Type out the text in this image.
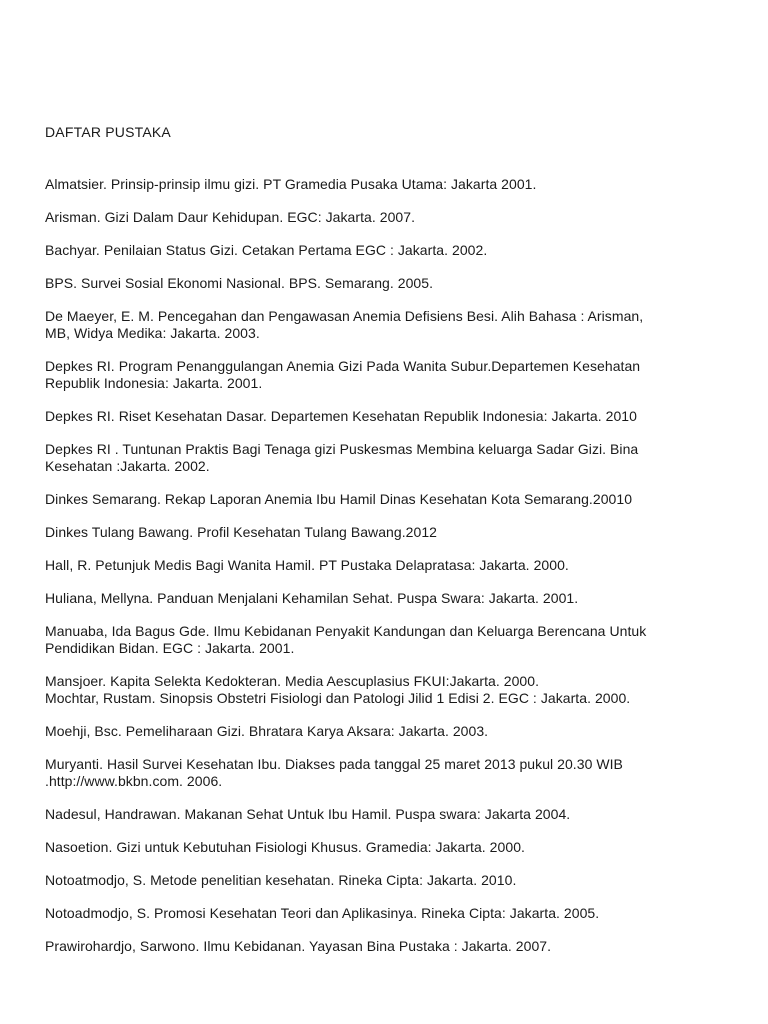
DAFTAR PUSTAKA
Almatsier. Prinsip-prinsip ilmu gizi. PT Gramedia Pusaka Utama: Jakarta 2001.
Arisman. Gizi Dalam Daur Kehidupan. EGC: Jakarta. 2007.
Bachyar. Penilaian Status Gizi. Cetakan Pertama EGC : Jakarta. 2002.
BPS. Survei Sosial Ekonomi Nasional. BPS. Semarang. 2005.
De Maeyer, E. M. Pencegahan dan Pengawasan Anemia Defisiens Besi. Alih Bahasa : Arisman,
MB, Widya Medika: Jakarta. 2003.
Depkes RI. Program Penanggulangan Anemia Gizi Pada Wanita Subur.Departemen Kesehatan
Republik Indonesia: Jakarta. 2001.
Depkes RI. Riset Kesehatan Dasar. Departemen Kesehatan Republik Indonesia: Jakarta. 2010
Depkes RI . Tuntunan Praktis Bagi Tenaga gizi Puskesmas Membina keluarga Sadar Gizi. Bina
Kesehatan :Jakarta. 2002.
Dinkes Semarang. Rekap Laporan Anemia Ibu Hamil Dinas Kesehatan Kota Semarang.20010
Dinkes Tulang Bawang. Profil Kesehatan Tulang Bawang.2012
Hall, R. Petunjuk Medis Bagi Wanita Hamil. PT Pustaka Delapratasa: Jakarta. 2000.
Huliana, Mellyna. Panduan Menjalani Kehamilan Sehat. Puspa Swara: Jakarta. 2001.
Manuaba, Ida Bagus Gde. Ilmu Kebidanan Penyakit Kandungan dan Keluarga Berencana Untuk
Pendidikan Bidan. EGC : Jakarta. 2001.
Mansjoer. Kapita Selekta Kedokteran. Media Aescuplasius FKUI:Jakarta. 2000.
Mochtar, Rustam. Sinopsis Obstetri Fisiologi dan Patologi Jilid 1 Edisi 2. EGC : Jakarta. 2000.
Moehji, Bsc. Pemeliharaan Gizi. Bhratara Karya Aksara: Jakarta. 2003.
Muryanti. Hasil Survei Kesehatan Ibu. Diakses pada tanggal 25 maret 2013 pukul 20.30 WIB
.http://www.bkbn.com. 2006.
Nadesul, Handrawan. Makanan Sehat Untuk Ibu Hamil. Puspa swara: Jakarta 2004.
Nasoetion. Gizi untuk Kebutuhan Fisiologi Khusus. Gramedia: Jakarta. 2000.
Notoatmodjo, S. Metode penelitian kesehatan. Rineka Cipta: Jakarta. 2010.
Notoadmodjo, S. Promosi Kesehatan Teori dan Aplikasinya. Rineka Cipta: Jakarta. 2005.
Prawirohardjo, Sarwono. Ilmu Kebidanan. Yayasan Bina Pustaka : Jakarta. 2007.
